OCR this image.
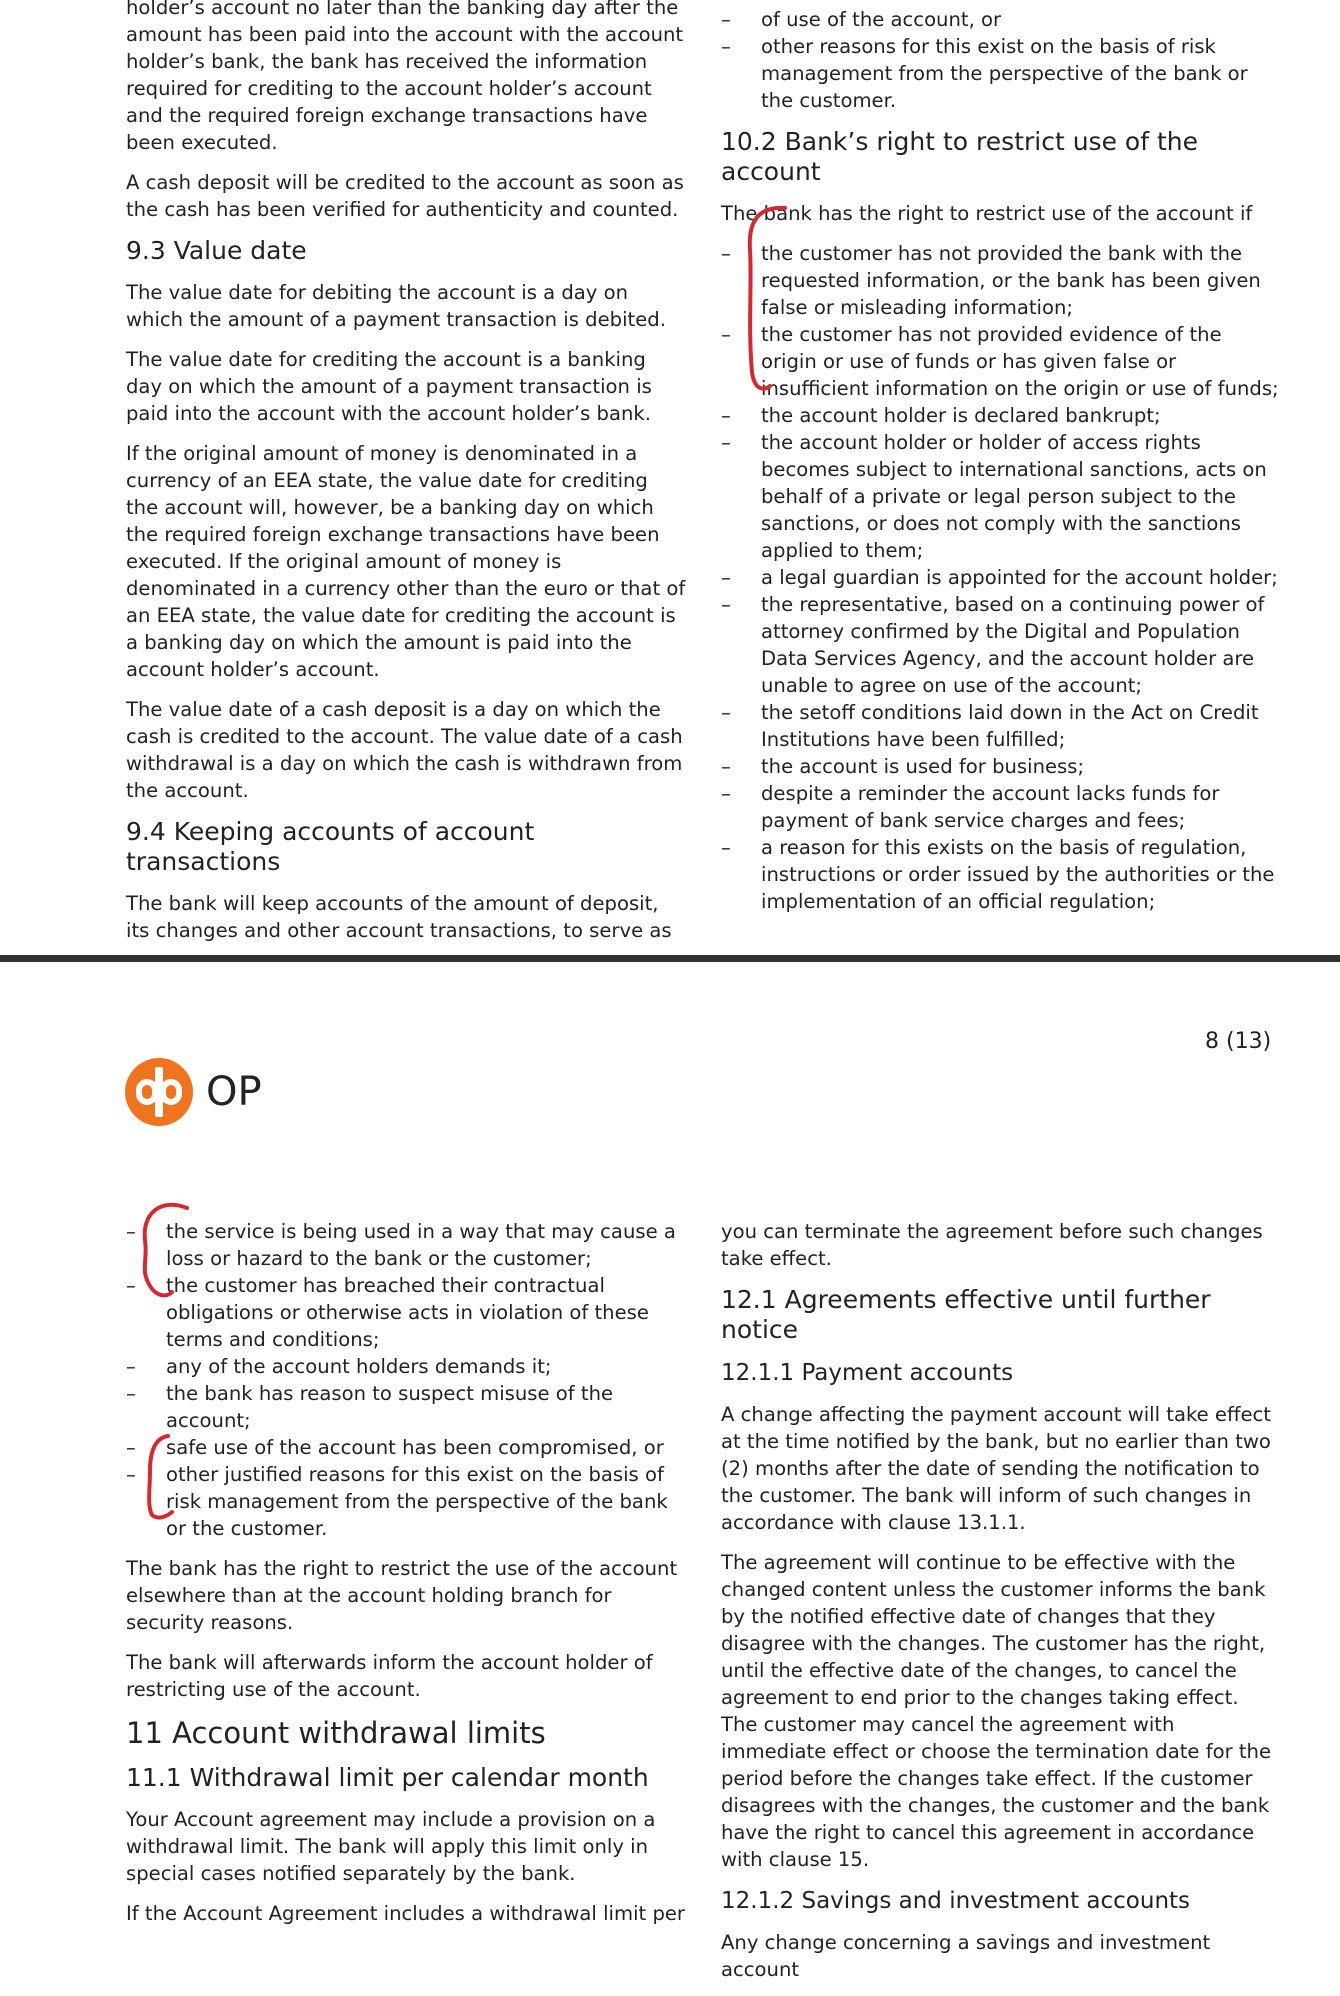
holder’s account no later than the banking day after the amount has been paid into the account with the account holder’s bank, the bank has received the information required for crediting to the account holder’s account and the required foreign exchange transactions have been executed.

A cash deposit will be credited to the account as soon as the cash has been verified for authenticity and counted.

9.3 Value date

The value date for debiting the account is a day on which the amount of a payment transaction is debited.

The value date for crediting the account is a banking day on which the amount of a payment transaction is paid into the account with the account holder’s bank.

If the original amount of money is denominated in a currency of an EEA state, the value date for crediting the account will, however, be a banking day on which the required foreign exchange transactions have been executed. If the original amount of money is denominated in a currency other than the euro or that of an EEA state, the value date for crediting the account is a banking day on which the amount is paid into the account holder’s account.

The value date of a cash deposit is a day on which the cash is credited to the account. The value date of a cash withdrawal is a day on which the cash is withdrawn from the account.

9.4 Keeping accounts of account transactions

The bank will keep accounts of the amount of deposit, its changes and other account transactions, to serve as

– of use of the account, or
– other reasons for this exist on the basis of risk management from the perspective of the bank or the customer.
10.2 Bank’s right to restrict use of the account

The bank has the right to restrict use of the account if

– the customer has not provided the bank with the requested information, or the bank has been given false or misleading information;
– the customer has not provided evidence of the origin or use of funds or has given false or insufficient information on the origin or use of funds;
– the account holder is declared bankrupt;
– the account holder or holder of access rights becomes subject to international sanctions, acts on behalf of a private or legal person subject to the sanctions, or does not comply with the sanctions applied to them;
– a legal guardian is appointed for the account holder;
– the representative, based on a continuing power of attorney confirmed by the Digital and Population Data Services Agency, and the account holder are unable to agree on use of the account;
– the setoff conditions laid down in the Act on Credit Institutions have been fulfilled;
– the account is used for business;
– despite a reminder the account lacks funds for payment of bank service charges and fees;
– a reason for this exists on the basis of regulation, instructions or order issued by the authorities or the implementation of an official regulation;
8 (13)
OP
– the service is being used in a way that may cause a loss or hazard to the bank or the customer;
– the customer has breached their contractual obligations or otherwise acts in violation of these terms and conditions;
– any of the account holders demands it;
– the bank has reason to suspect misuse of the account;
– safe use of the account has been compromised, or
– other justified reasons for this exist on the basis of risk management from the perspective of the bank or the customer.

The bank has the right to restrict the use of the account elsewhere than at the account holding branch for security reasons.

The bank will afterwards inform the account holder of restricting use of the account.

11 Account withdrawal limits
11.1 Withdrawal limit per calendar month

Your Account agreement may include a provision on a withdrawal limit. The bank will apply this limit only in special cases notified separately by the bank.

If the Account Agreement includes a withdrawal limit per

you can terminate the agreement before such changes take effect.

12.1 Agreements effective until further notice
12.1.1 Payment accounts

A change affecting the payment account will take effect at the time notified by the bank, but no earlier than two (2) months after the date of sending the notification to the customer. The bank will inform of such changes in accordance with clause 13.1.1.

The agreement will continue to be effective with the changed content unless the customer informs the bank by the notified effective date of changes that they disagree with the changes. The customer has the right, until the effective date of the changes, to cancel the agreement to end prior to the changes taking effect. The customer may cancel the agreement with immediate effect or choose the termination date for the period before the changes take effect. If the customer disagrees with the changes, the customer and the bank have the right to cancel this agreement in accordance with clause 15.

12.1.2 Savings and investment accounts

Any change concerning a savings and investment account
